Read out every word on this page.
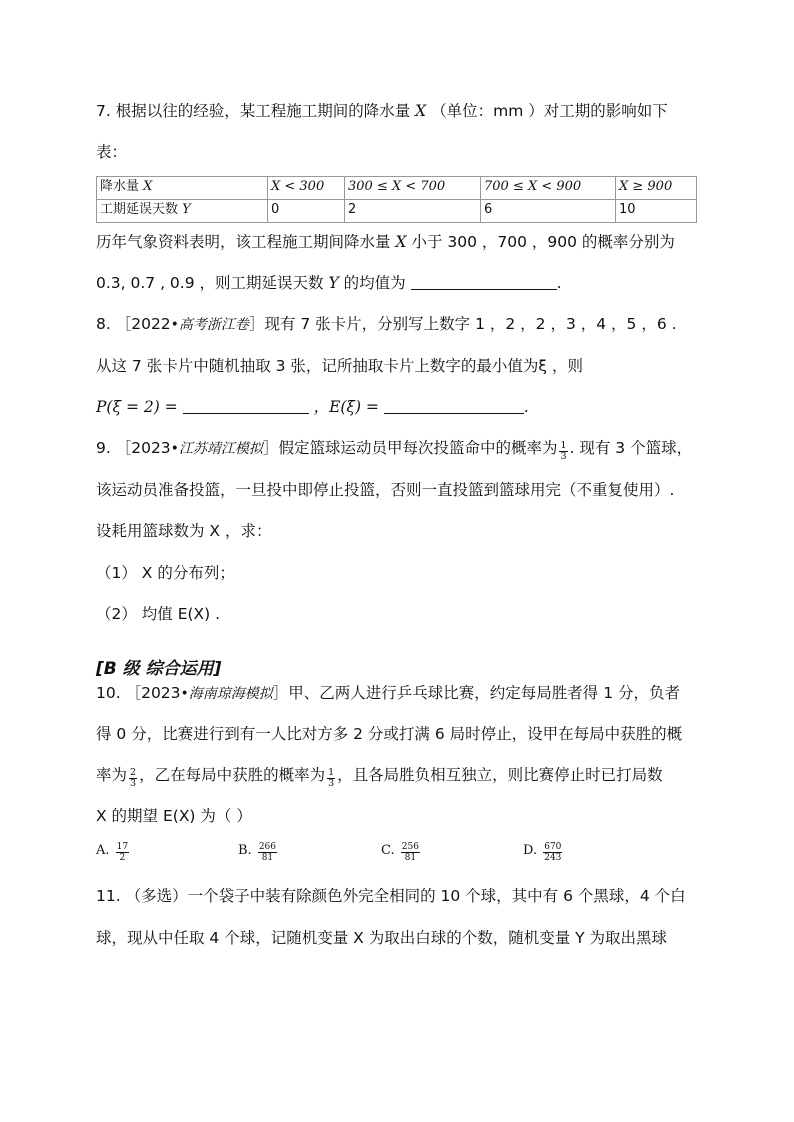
7. 根据以往的经验，某工程施工期间的降水量 X （单位：mm ）对工期的影响如下
表：
降水量 X	X < 300	300 ≤ X < 700	700 ≤ X < 900	X ≥ 900
工期延误天数 Y	0	2	6	10
历年气象资料表明，该工程施工期间降水量 X 小于 300 ，700 ，900 的概率分别为
0.3, 0.7 , 0.9 ，则工期延误天数 Y 的均值为	.
8. ［2022•高考浙江卷］现有 7 张卡片，分别写上数字 1 ，2 ，2 ，3 ，4 ，5 ，6 .
从这 7 张卡片中随机抽取 3 张，记所抽取卡片上数字的最小值为ξ ，则
P(ξ = 2) =	，E(ξ) =	.
9. ［2023•江苏靖江模拟］假定篮球运动员甲每次投篮命中的概率为 $\frac{1}{3}$ . 现有 3 个篮球，
该运动员准备投篮，一旦投中即停止投篮，否则一直投篮到篮球用完（不重复使用）.
设耗用篮球数为 X ，求：
（1） X 的分布列；
（2） 均值 E(X) .
[B 级 综合运用]
10. ［2023•海南琼海模拟］甲、乙两人进行乒乓球比赛，约定每局胜者得 1 分，负者
得 0 分，比赛进行到有一人比对方多 2 分或打满 6 局时停止，设甲在每局中获胜的概
率为 $\frac{2}{3}$ ，乙在每局中获胜的概率为 $\frac{1}{3}$ ，且各局胜负相互独立，则比赛停止时已打局数
X 的期望 E(X) 为（ ）
A. $\frac{17}{2}$	B. $\frac{266}{81}$	C. $\frac{256}{81}$	D. $\frac{670}{243}$
11. （多选）一个袋子中装有除颜色外完全相同的 10 个球，其中有 6 个黑球，4 个白
球，现从中任取 4 个球，记随机变量 X 为取出白球的个数，随机变量 Y 为取出黑球
